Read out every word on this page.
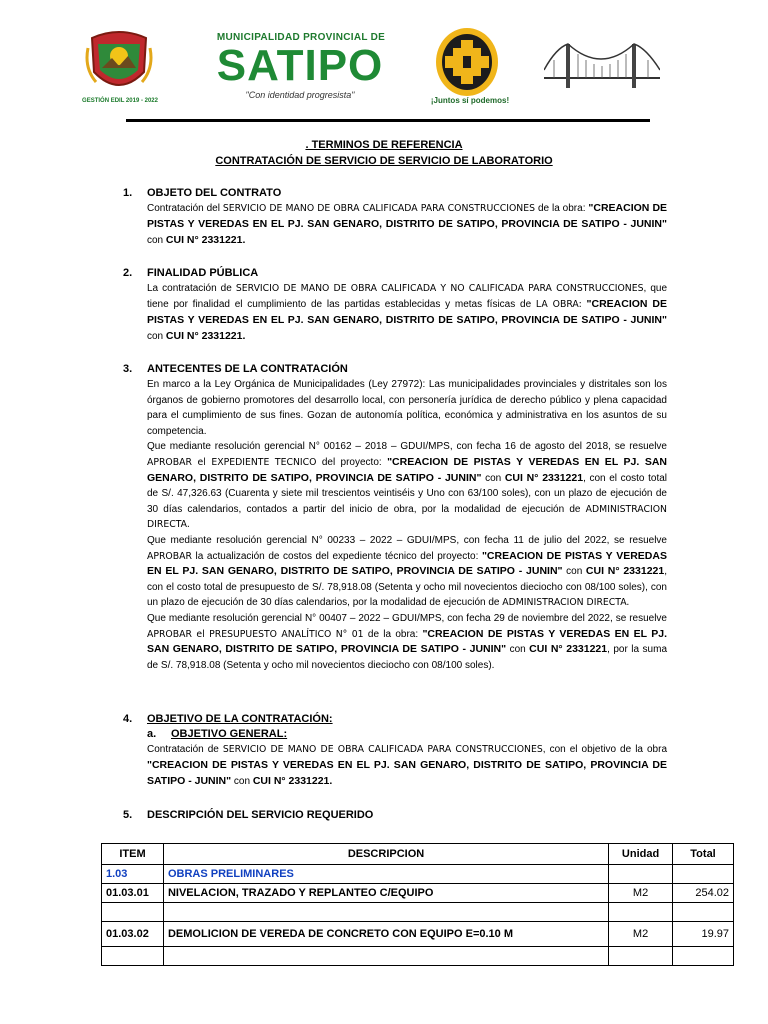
GESTIÓN EDIL 2019 - 2022
MUNICIPALIDAD PROVINCIAL DE
SATIPO
"Con identidad progresista"
¡Juntos sí podemos!
. TERMINOS DE REFERENCIA
CONTRATACIÓN DE SERVICIO DE SERVICIO DE LABORATORIO
1. OBJETO DEL CONTRATO
Contratación del SERVICIO DE MANO DE OBRA CALIFICADA PARA CONSTRUCCIONES de la obra: "CREACION DE PISTAS Y VEREDAS EN EL PJ. SAN GENARO, DISTRITO DE SATIPO, PROVINCIA DE SATIPO - JUNIN" con CUI N° 2331221.
2. FINALIDAD PÚBLICA
La contratación de SERVICIO DE MANO DE OBRA CALIFICADA Y NO CALIFICADA PARA CONSTRUCCIONES, que tiene por finalidad el cumplimiento de las partidas establecidas y metas físicas de LA OBRA: "CREACION DE PISTAS Y VEREDAS EN EL PJ. SAN GENARO, DISTRITO DE SATIPO, PROVINCIA DE SATIPO - JUNIN" con CUI N° 2331221.
3. ANTECENTES DE LA CONTRATACIÓN
En marco a la Ley Orgánica de Municipalidades (Ley 27972): Las municipalidades provinciales y distritales son los órganos de gobierno promotores del desarrollo local, con personería jurídica de derecho público y plena capacidad para el cumplimiento de sus fines. Gozan de autonomía política, económica y administrativa en los asuntos de su competencia.
Que mediante resolución gerencial N° 00162 – 2018 – GDUI/MPS, con fecha 16 de agosto del 2018, se resuelve APROBAR el EXPEDIENTE TECNICO del proyecto: "CREACION DE PISTAS Y VEREDAS EN EL PJ. SAN GENARO, DISTRITO DE SATIPO, PROVINCIA DE SATIPO - JUNIN" con CUI N° 2331221, con el costo total de S/. 47,326.63 (Cuarenta y siete mil trescientos veintiséis y Uno con 63/100 soles), con un plazo de ejecución de 30 días calendarios, contados a partir del inicio de obra, por la modalidad de ejecución de ADMINISTRACION DIRECTA.
Que mediante resolución gerencial N° 00233 – 2022 – GDUI/MPS, con fecha 11 de julio del 2022, se resuelve APROBAR la actualización de costos del expediente técnico del proyecto: "CREACION DE PISTAS Y VEREDAS EN EL PJ. SAN GENARO, DISTRITO DE SATIPO, PROVINCIA DE SATIPO - JUNIN" con CUI N° 2331221, con el costo total de presupuesto de S/. 78,918.08 (Setenta y ocho mil novecientos dieciocho con 08/100 soles), con un plazo de ejecución de 30 días calendarios, por la modalidad de ejecución de ADMINISTRACION DIRECTA.
Que mediante resolución gerencial N° 00407 – 2022 – GDUI/MPS, con fecha 29 de noviembre del 2022, se resuelve APROBAR el PRESUPUESTO ANALÍTICO N° 01 de la obra: "CREACION DE PISTAS Y VEREDAS EN EL PJ. SAN GENARO, DISTRITO DE SATIPO, PROVINCIA DE SATIPO - JUNIN" con CUI N° 2331221, por la suma de S/. 78,918.08 (Setenta y ocho mil novecientos dieciocho con 08/100 soles).
4. OBJETIVO DE LA CONTRATACIÓN:
a. OBJETIVO GENERAL:
Contratación de SERVICIO DE MANO DE OBRA CALIFICADA PARA CONSTRUCCIONES, con el objetivo de la obra "CREACION DE PISTAS Y VEREDAS EN EL PJ. SAN GENARO, DISTRITO DE SATIPO, PROVINCIA DE SATIPO - JUNIN" con CUI N° 2331221.
5. DESCRIPCIÓN DEL SERVICIO REQUERIDO
ITEM	DESCRIPCION	Unidad	Total
1.03	OBRAS PRELIMINARES		
01.03.01	NIVELACION, TRAZADO Y REPLANTEO C/EQUIPO	M2	254.02

01.03.02	DEMOLICION DE VEREDA DE CONCRETO CON EQUIPO E=0.10 M	M2	19.97
